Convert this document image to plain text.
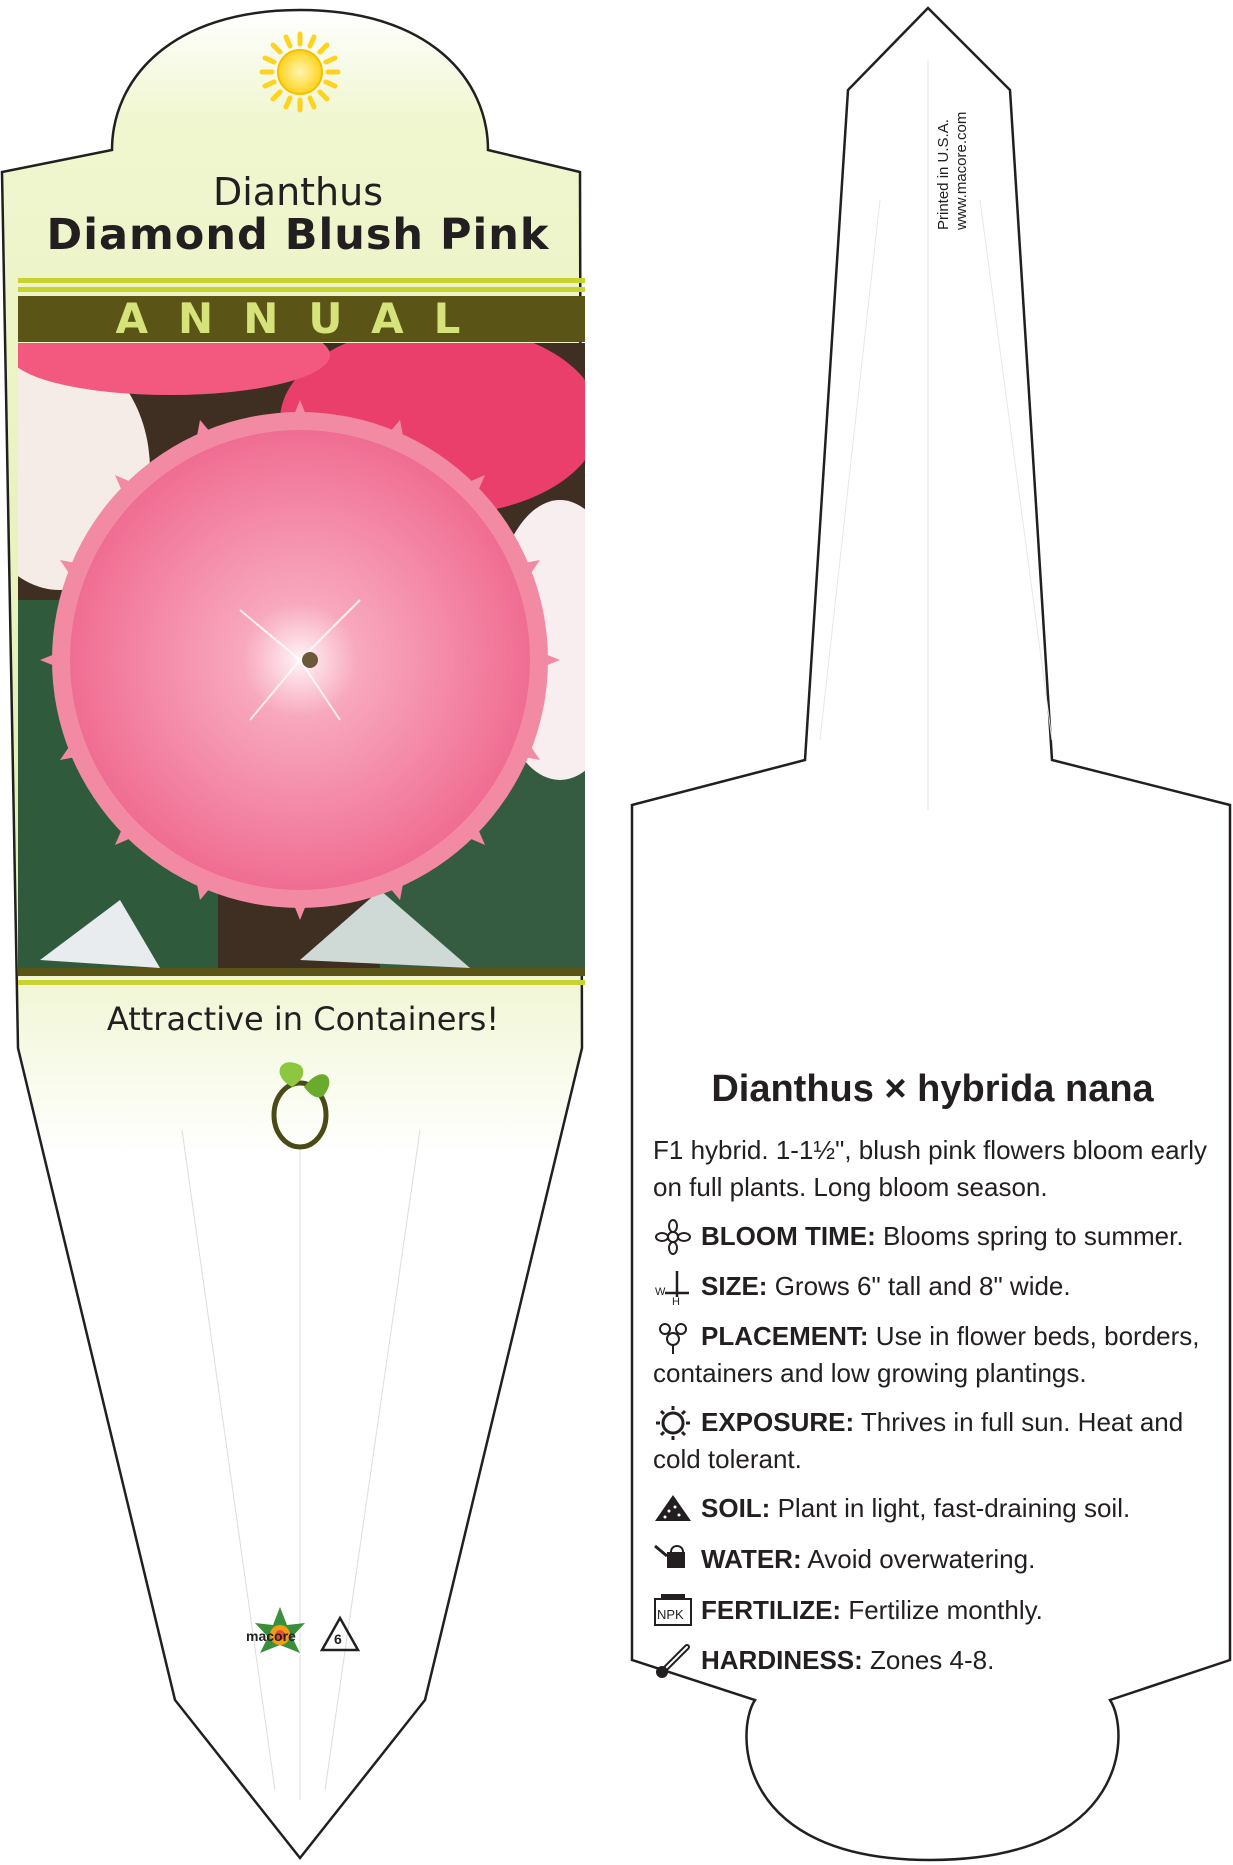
Dianthus
Diamond Blush Pink
ANNUAL
Attractive in Containers!
macore	6
Printed in U.S.A. www.macore.com
Dianthus × hybrida nana
F1 hybrid. 1-1½", blush pink flowers bloom early on full plants. Long bloom season.
BLOOM TIME: Blooms spring to summer.
W
H
SIZE: Grows 6" tall and 8" wide.
PLACEMENT: Use in flower beds, borders, containers and low growing plantings.
EXPOSURE: Thrives in full sun. Heat and cold tolerant.
SOIL: Plant in light, fast-draining soil.
WATER: Avoid overwatering.
NPK FERTILIZE: Fertilize monthly.
HARDINESS: Zones 4-8.
